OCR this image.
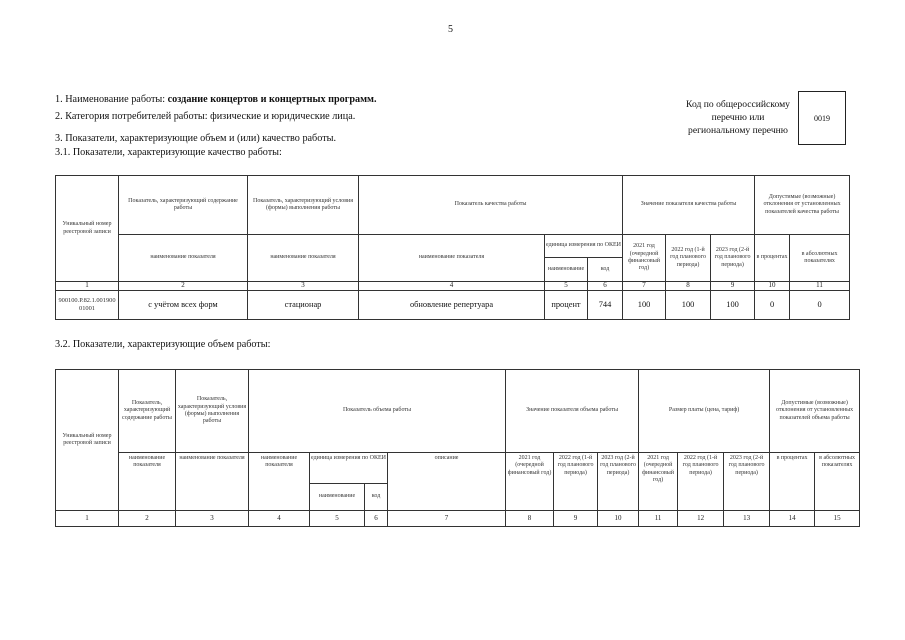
5
1. Наименование работы: создание концертов и концертных программ.
2. Категория потребителей работы: физические и юридические лица.
3. Показатели, характеризующие объем и (или) качество работы.
3.1. Показатели, характеризующие качество работы:
Код по общероссийскому
перечню или
региональному перечню
0019
Уникальный номер реестровой записи	Показатель, характеризующий содержание работы	Показатель, характеризующий условия (формы) выполнения работы	Показатель качества работы			Значение показателя качества работы			Допустимые (возможные) отклонения от установленных показателей качества работы	
	наименование показателя	наименование показателя	наименование показателя	единица измерения по ОКЕИ		2021 год (очередной финансовый год)	2022 год (1-й год планового периода)	2023 год (2-й год планового периода)	в процентах	в абсолютных показателях
				наименование	код					
1	2	3	4	5	6	7	8	9	10	11
900100.Р.82.1.00190001001	с учётом всех форм	стационар	обновление репертуара	процент	744	100	100	100	0	0
3.2. Показатели, характеризующие объем работы:
Уникальный номер реестровой записи	Показатель, характеризующий содержание работы	Показатель, характеризующий условия (формы) выполнения работы	Показатель объема работы				Значение показателя объема работы			Размер платы (цена, тариф)			Допустимые (возможные) отклонения от установленных показателей объема работы	
	наименование показателя	наименование показателя	наименование показателя	единица измерения по ОКЕИ		описание	2021 год (очередной финансовый год)	2022 год (1-й год планового периода)	2023 год (2-й год планового периода)	2021 год (очередной финансовый год)	2022 год (1-й год планового периода)	2023 год (2-й год планового периода)	в процентах	в абсолютных показателях
				наименование	код									
1	2	3	4	5	6	7	8	9	10	11	12	13	14	15
